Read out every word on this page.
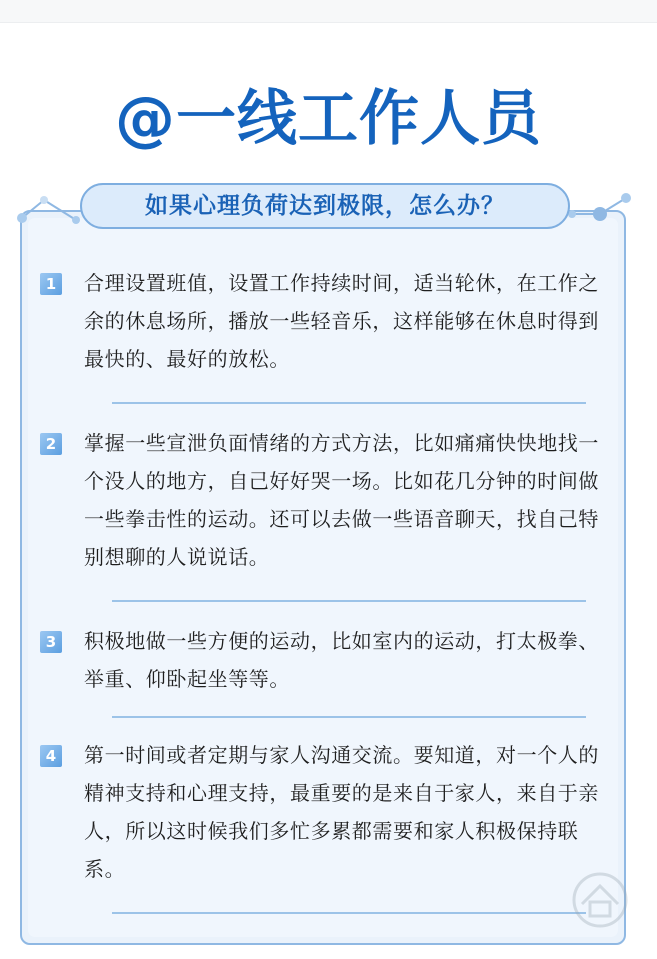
@一线工作人员
如果心理负荷达到极限，怎么办？
1 合理设置班值，设置工作持续时间，适当轮休，在工作之余的休息场所，播放一些轻音乐，这样能够在休息时得到最快的、最好的放松。
2 掌握一些宣泄负面情绪的方式方法，比如痛痛快快地找一个没人的地方，自己好好哭一场。比如花几分钟的时间做一些拳击性的运动。还可以去做一些语音聊天，找自己特别想聊的人说说话。
3 积极地做一些方便的运动，比如室内的运动，打太极拳、举重、仰卧起坐等等。
4 第一时间或者定期与家人沟通交流。要知道，对一个人的精神支持和心理支持，最重要的是来自于家人，来自于亲人，所以这时候我们多忙多累都需要和家人积极保持联系。
